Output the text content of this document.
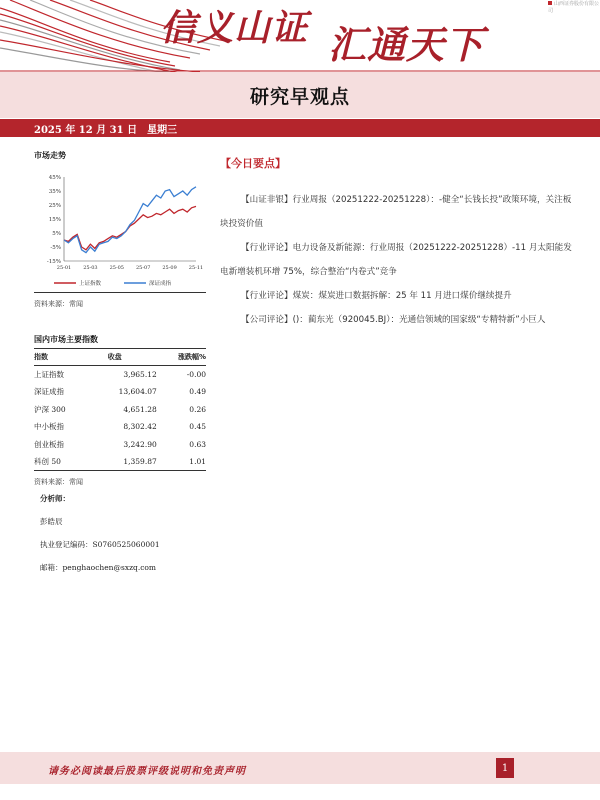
信义山证 汇通天下
山西证券股份有限公司
研究早观点
2025 年 12 月 31 日 星期三
市场走势
45%
35%
25%
15%
5%
-5%
-15%
25-01 25-03 25-05 25-07 25-09 25-11
上证指数	深证成指
资料来源：常闻
国内市场主要指数
指数	收盘	涨跌幅%
上证指数	3,965.12	-0.00
深证成指	13,604.07	0.49
沪深 300	4,651.28	0.26
中小板指	8,302.42	0.45
创业板指	3,242.90	0.63
科创 50	1,359.87	1.01
资料来源：常闻
分析师：
彭皓辰
执业登记编码：S0760525060001
邮箱：penghaochen@sxzq.com
【今日要点】

【山证非银】行业周报（20251222-20251228）：-健全“长钱长投”政策环境，关注板块投资价值

【行业评论】电力设备及新能源：行业周报（20251222-20251228）-11 月太阳能发电新增装机环增 75%，综合整治“内卷式”竞争

【行业评论】煤炭：煤炭进口数据拆解：25 年 11 月进口煤价继续提升

【公司评论】()：蔺东光（920045.BJ）：光通信领域的国家级“专精特新”小巨人

请务必阅读最后股票评级说明和免责声明	1
